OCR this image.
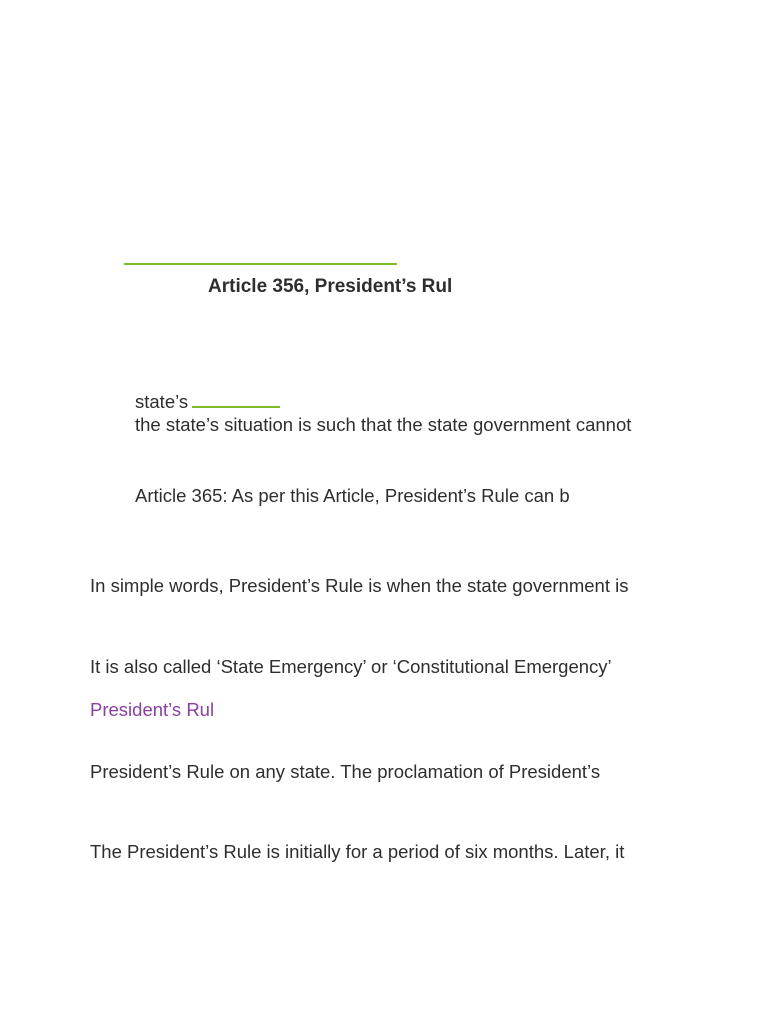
Article 356, President’s Rul
state’s
the state’s situation is such that the state government cannot
Article 365: As per this Article, President’s Rule can b
In simple words, President’s Rule is when the state government is
It is also called ‘State Emergency’ or ‘Constitutional Emergency’
President’s Rul
President’s Rule on any state. The proclamation of President’s
The President’s Rule is initially for a period of six months. Later, it
